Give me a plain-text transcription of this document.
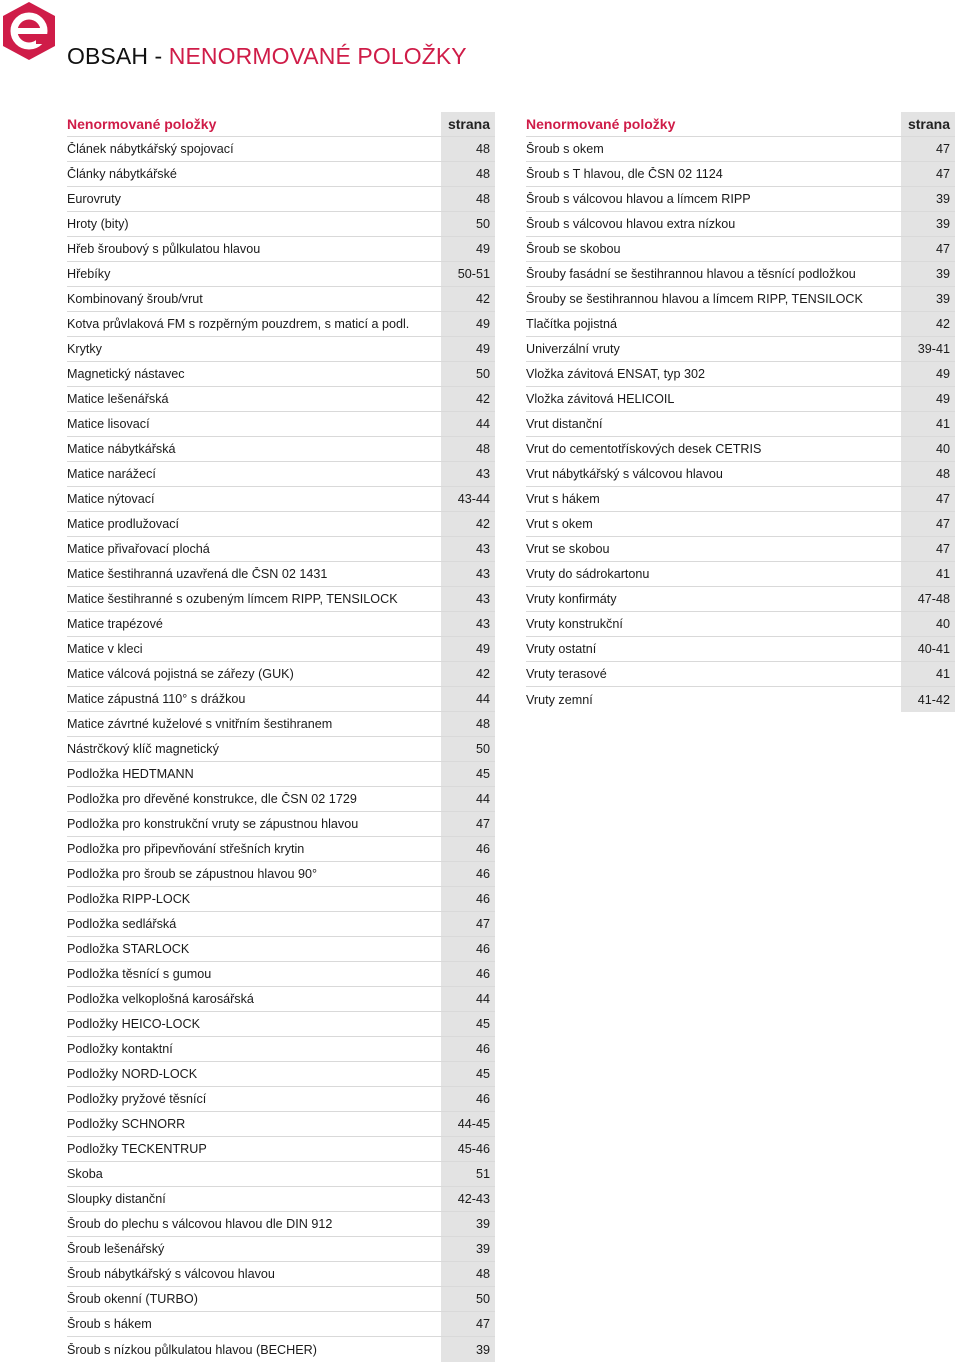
OBSAH - NENORMOVANÉ POLOŽKY
Nenormované položky	strana
Článek nábytkářský spojovací	48
Články nábytkářské	48
Eurovruty	48
Hroty (bity)	50
Hřeb šroubový s půlkulatou hlavou	49
Hřebíky	50-51
Kombinovaný šroub/vrut	42
Kotva průvlaková FM s rozpěrným pouzdrem, s maticí a podl.	49
Krytky	49
Magnetický nástavec	50
Matice lešenářská	42
Matice lisovací	44
Matice nábytkářská	48
Matice narážecí	43
Matice nýtovací	43-44
Matice prodlužovací	42
Matice přivařovací plochá	43
Matice šestihranná uzavřená dle ČSN 02 1431	43
Matice šestihranné s ozubeným límcem RIPP, TENSILOCK	43
Matice trapézové	43
Matice v kleci	49
Matice válcová pojistná se zářezy (GUK)	42
Matice zápustná 110° s drážkou	44
Matice závrtné kuželové s vnitřním šestihranem	48
Nástrčkový klíč magnetický	50
Podložka HEDTMANN	45
Podložka pro dřevěné konstrukce, dle ČSN 02 1729	44
Podložka pro konstrukční vruty se zápustnou hlavou	47
Podložka pro připevňování střešních krytin	46
Podložka pro šroub se zápustnou hlavou 90°	46
Podložka RIPP-LOCK	46
Podložka sedlářská	47
Podložka STARLOCK	46
Podložka těsnící s gumou	46
Podložka velkoplošná karosářská	44
Podložky HEICO-LOCK	45
Podložky kontaktní	46
Podložky NORD-LOCK	45
Podložky pryžové těsnící	46
Podložky SCHNORR	44-45
Podložky TECKENTRUP	45-46
Skoba	51
Sloupky distanční	42-43
Šroub do plechu s válcovou hlavou dle DIN 912	39
Šroub lešenářský	39
Šroub nábytkářský s válcovou hlavou	48
Šroub okenní (TURBO)	50
Šroub s hákem	47
Šroub s nízkou půlkulatou hlavou (BECHER)	39
Nenormované položky	strana
Šroub s okem	47
Šroub s T hlavou, dle ČSN 02 1124	47
Šroub s válcovou hlavou a límcem RIPP	39
Šroub s válcovou hlavou extra nízkou	39
Šroub se skobou	47
Šrouby fasádní se šestihrannou hlavou a těsnící podložkou	39
Šrouby se šestihrannou hlavou a límcem RIPP, TENSILOCK	39
Tlačítka pojistná	42
Univerzální vruty	39-41
Vložka závitová ENSAT, typ 302	49
Vložka závitová HELICOIL	49
Vrut distanční	41
Vrut do cementotřískových desek CETRIS	40
Vrut nábytkářský s válcovou hlavou	48
Vrut s hákem	47
Vrut s okem	47
Vrut se skobou	47
Vruty do sádrokartonu	41
Vruty konfirmáty	47-48
Vruty konstrukční	40
Vruty ostatní	40-41
Vruty terasové	41
Vruty zemní	41-42
